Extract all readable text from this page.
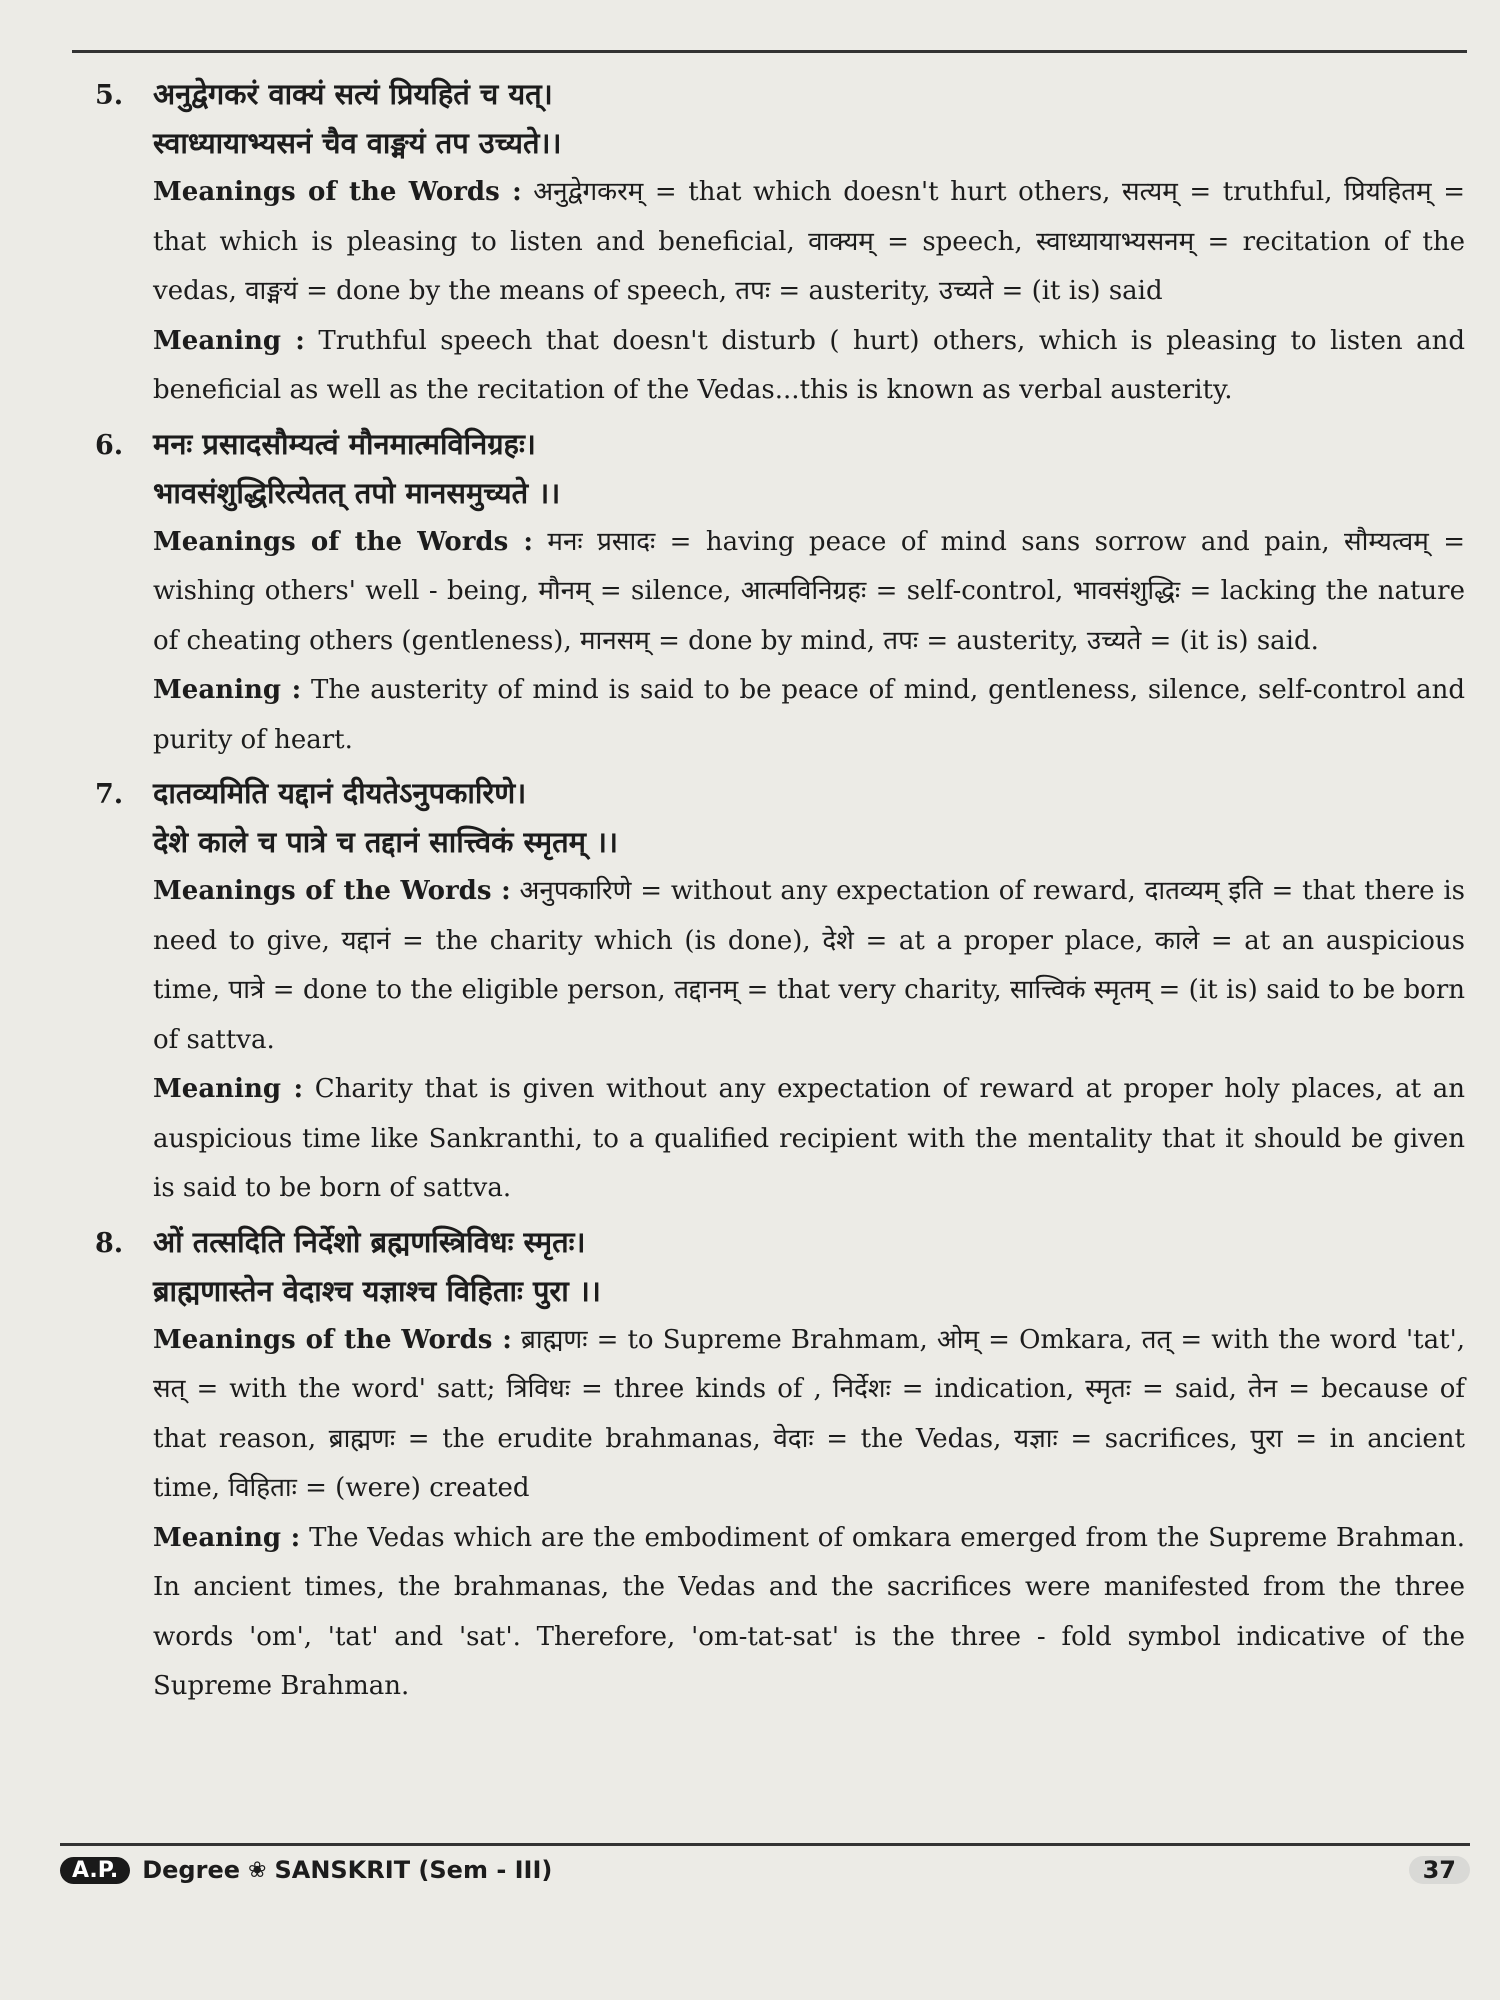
5.	अनुद्वेगकरं वाक्यं सत्यं प्रियहितं च यत्।
स्वाध्यायाभ्यसनं चैव वाङ्मयं तप उच्यते।।
Meanings of the Words : अनुद्वेगकरम् = that which doesn't hurt others, सत्यम् = truthful, प्रियहितम् = that which is pleasing to listen and beneficial, वाक्यम् = speech, स्वाध्यायाभ्यसनम् = recitation of the vedas, वाङ्मयं = done by the means of speech, तपः = austerity, उच्यते = (it is) said
Meaning : Truthful speech that doesn't disturb ( hurt) others, which is pleasing to listen and beneficial as well as the recitation of the Vedas...this is known as verbal austerity.
6.	मनः प्रसादसौम्यत्वं मौनमात्मविनिग्रहः।
भावसंशुद्धिरित्येतत् तपो मानसमुच्यते ।।
Meanings of the Words : मनः प्रसादः = having peace of mind sans sorrow and pain, सौम्यत्वम् = wishing others' well - being, मौनम् = silence, आत्मविनिग्रहः = self-control, भावसंशुद्धिः = lacking the nature of cheating others (gentleness), मानसम् = done by mind, तपः = austerity, उच्यते = (it is) said.
Meaning : The austerity of mind is said to be peace of mind, gentleness, silence, self-control and purity of heart.
7.	दातव्यमिति यद्दानं दीयतेऽनुपकारिणे।
देशे काले च पात्रे च तद्दानं सात्त्विकं स्मृतम् ।।
Meanings of the Words : अनुपकारिणे = without any expectation of reward, दातव्यम् इति = that there is need to give, यद्दानं = the charity which (is done), देशे = at a proper place, काले = at an auspicious time, पात्रे = done to the eligible person, तद्दानम् = that very charity, सात्त्विकं स्मृतम् = (it is) said to be born of sattva.
Meaning : Charity that is given without any expectation of reward at proper holy places, at an auspicious time like Sankranthi, to a qualified recipient with the mentality that it should be given is said to be born of sattva.
8.	ओं तत्सदिति निर्देशो ब्रह्मणस्त्रिविधः स्मृतः।
ब्राह्मणास्तेन वेदाश्च यज्ञाश्च विहिताः पुरा ।।
Meanings of the Words : ब्राह्मणः = to Supreme Brahmam, ओम् = Omkara, तत् = with the word 'tat', सत् = with the word' satt; त्रिविधः = three kinds of , निर्देशः = indication, स्मृतः = said, तेन = because of that reason, ब्राह्मणः = the erudite brahmanas, वेदाः = the Vedas, यज्ञाः = sacrifices, पुरा = in ancient time, विहिताः = (were) created
Meaning : The Vedas which are the embodiment of omkara emerged from the Supreme Brahman. In ancient times, the brahmanas, the Vedas and the sacrifices were manifested from the three words 'om', 'tat' and 'sat'. Therefore, 'om-tat-sat' is the three - fold symbol indicative of the Supreme Brahman.
A.P.	Degree ❀ SANSKRIT (Sem - III)	37
